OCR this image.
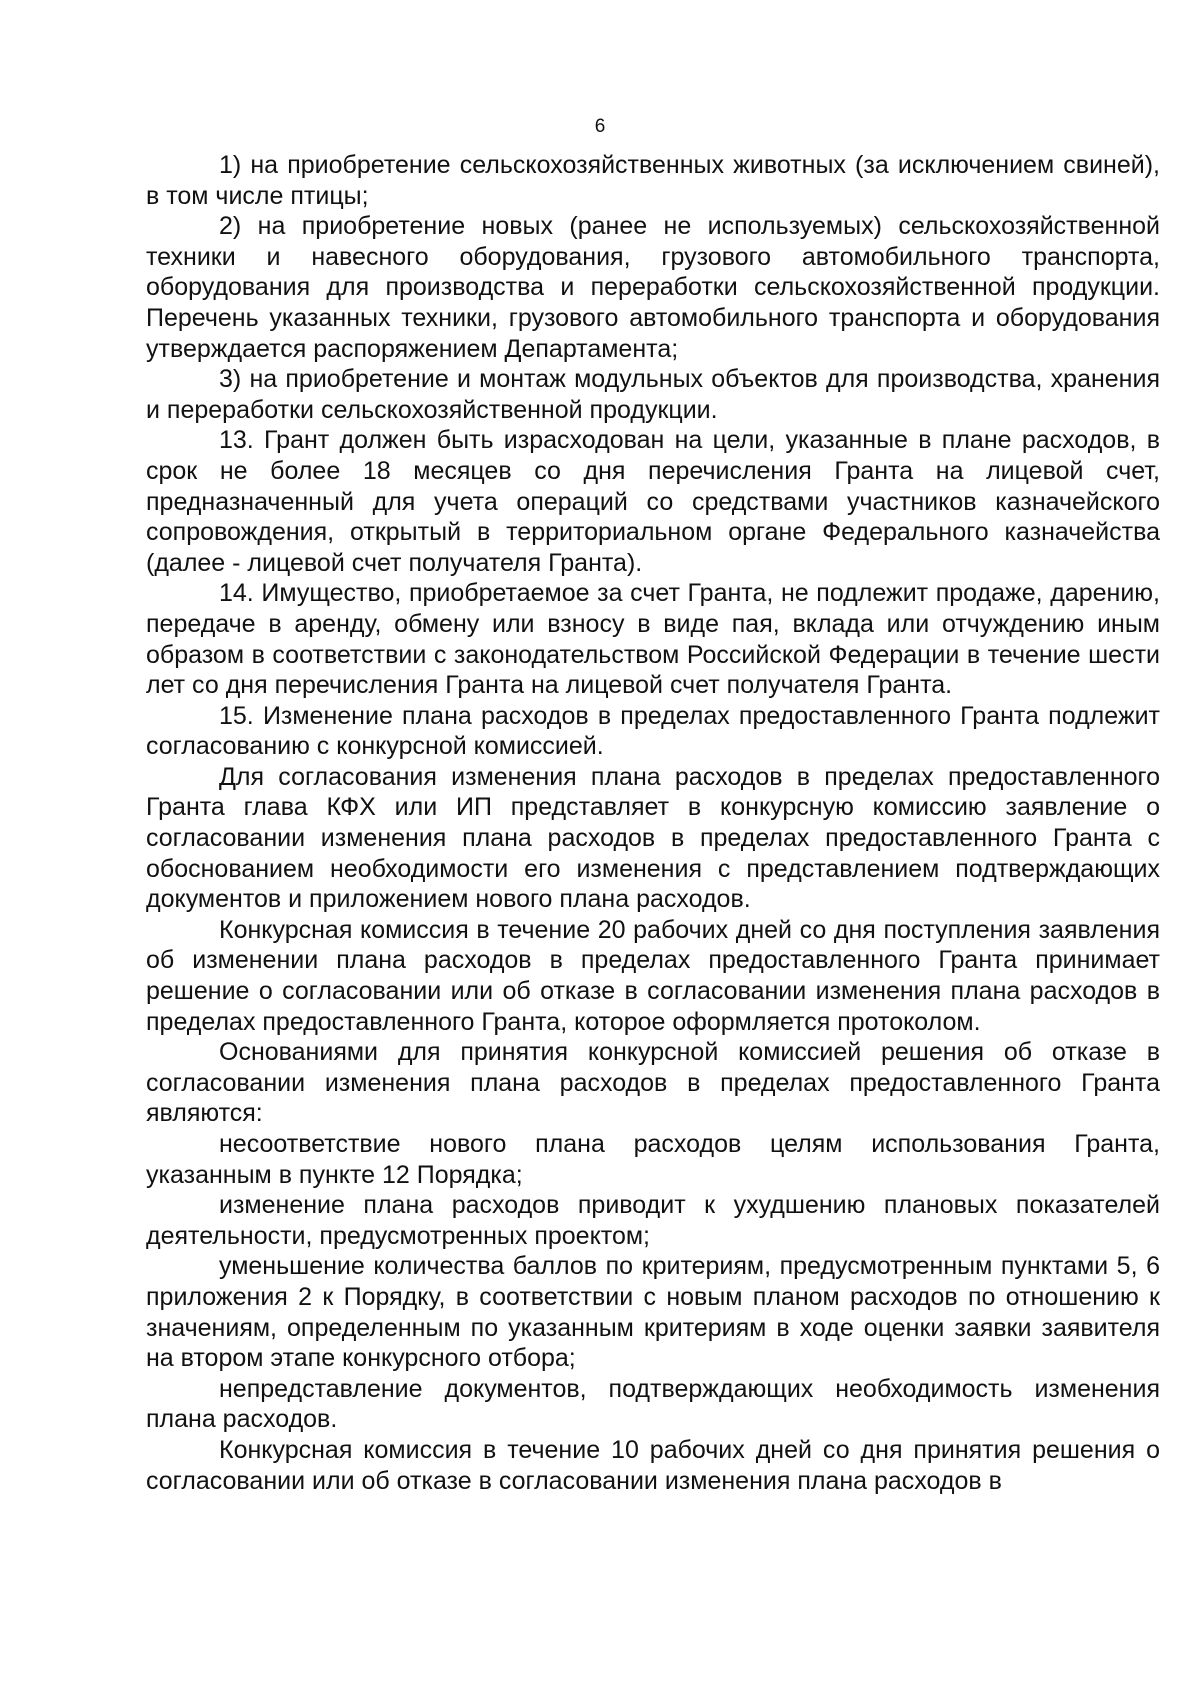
6

1) на приобретение сельскохозяйственных животных (за исключением свиней), в том числе птицы;

2) на приобретение новых (ранее не используемых) сельскохозяйственной техники и навесного оборудования, грузового автомобильного транспорта, оборудования для производства и переработки сельскохозяйственной продукции. Перечень указанных техники, грузового автомобильного транспорта и оборудования утверждается распоряжением Департамента;

3) на приобретение и монтаж модульных объектов для производства, хранения и переработки сельскохозяйственной продукции.

13. Грант должен быть израсходован на цели, указанные в плане расходов, в срок не более 18 месяцев со дня перечисления Гранта на лицевой счет, предназначенный для учета операций со средствами участников казначейского сопровождения, открытый в территориальном органе Федерального казначейства (далее - лицевой счет получателя Гранта).

14. Имущество, приобретаемое за счет Гранта, не подлежит продаже, дарению, передаче в аренду, обмену или взносу в виде пая, вклада или отчуждению иным образом в соответствии с законодательством Российской Федерации в течение шести лет со дня перечисления Гранта на лицевой счет получателя Гранта.

15. Изменение плана расходов в пределах предоставленного Гранта подлежит согласованию с конкурсной комиссией.

Для согласования изменения плана расходов в пределах предоставленного Гранта глава КФХ или ИП представляет в конкурсную комиссию заявление о согласовании изменения плана расходов в пределах предоставленного Гранта с обоснованием необходимости его изменения с представлением подтверждающих документов и приложением нового плана расходов.

Конкурсная комиссия в течение 20 рабочих дней со дня поступления заявления об изменении плана расходов в пределах предоставленного Гранта принимает решение о согласовании или об отказе в согласовании изменения плана расходов в пределах предоставленного Гранта, которое оформляется протоколом.

Основаниями для принятия конкурсной комиссией решения об отказе в согласовании изменения плана расходов в пределах предоставленного Гранта являются:

несоответствие нового плана расходов целям использования Гранта, указанным в пункте 12 Порядка;

изменение плана расходов приводит к ухудшению плановых показателей деятельности, предусмотренных проектом;

уменьшение количества баллов по критериям, предусмотренным пунктами 5, 6 приложения 2 к Порядку, в соответствии с новым планом расходов по отношению к значениям, определенным по указанным критериям в ходе оценки заявки заявителя на втором этапе конкурсного отбора;

непредставление документов, подтверждающих необходимость изменения плана расходов.

Конкурсная комиссия в течение 10 рабочих дней со дня принятия решения о согласовании или об отказе в согласовании изменения плана расходов в
